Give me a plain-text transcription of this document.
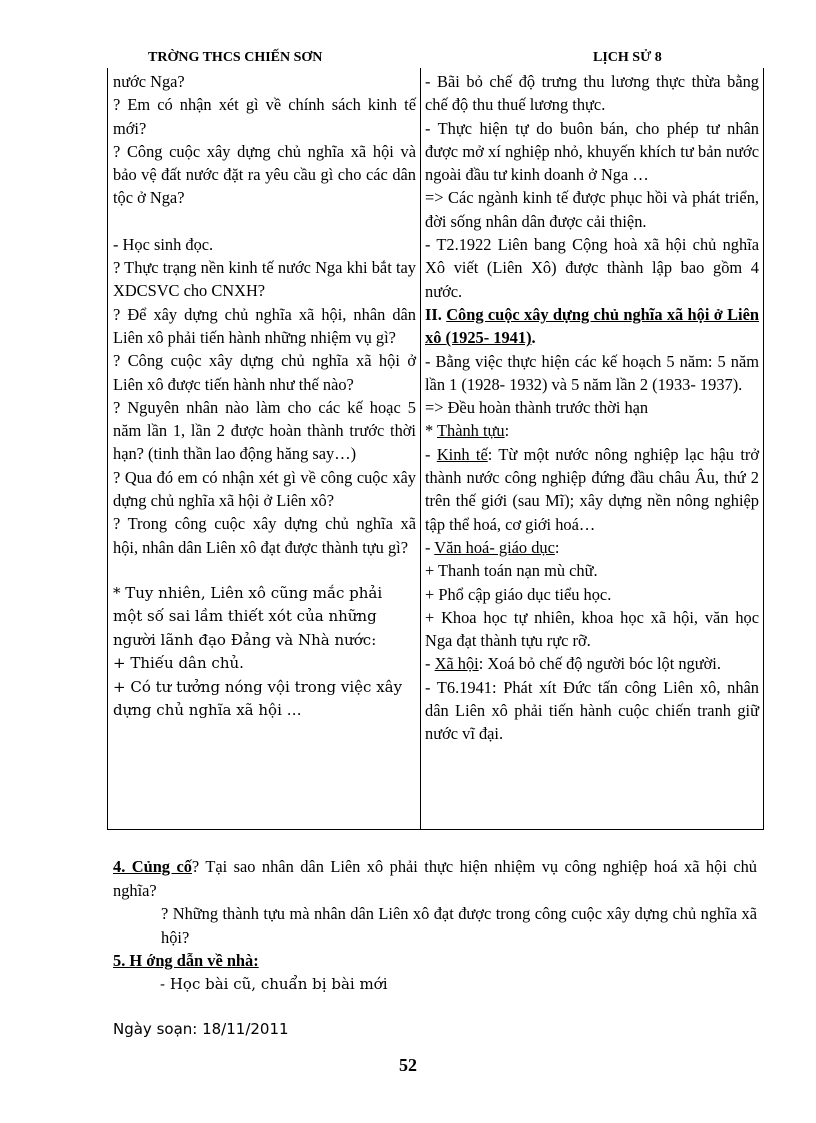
TRỜNG THCS CHIẾN SƠN	LỊCH SỬ 8

nước Nga?

? Em có nhận xét gì về chính sách kinh tế mới?

? Công cuộc xây dựng chủ nghĩa xã hội và bảo vệ đất nước đặt ra yêu cầu gì cho các dân tộc ở Nga?

- Học sinh đọc.

? Thực trạng nền kinh tế nước Nga khi bắt tay XDCSVC cho CNXH?

? Để xây dựng chủ nghĩa xã hội, nhân dân Liên xô phải tiến hành những nhiệm vụ gì?

? Công cuộc xây dựng chủ nghĩa xã hội ở Liên xô được tiến hành như thế nào?

? Nguyên nhân nào làm cho các kế hoạc 5 năm lần 1, lần 2 được hoàn thành trước thời hạn? (tinh thần lao động hăng say…)

? Qua đó em có nhận xét gì về công cuộc xây dựng chủ nghĩa xã hội ở Liên xô?

? Trong công cuộc xây dựng chủ nghĩa xã hội, nhân dân Liên xô đạt được thành tựu gì?

* Tuy nhiên, Liên xô cũng mắc phải một số sai lầm thiết xót của những người lãnh đạo Đảng và Nhà nước:

+ Thiếu dân chủ.

+ Có tư tưởng nóng vội trong việc xây dựng chủ nghĩa xã hội …

- Bãi bỏ chế độ trưng thu lương thực thừa bằng chế độ thu thuế lương thực.

- Thực hiện tự do buôn bán, cho phép tư nhân được mở xí nghiệp nhỏ, khuyến khích tư bản nước ngoài đầu tư kinh doanh ở Nga …

=> Các ngành kinh tế được phục hồi và phát triển, đời sống nhân dân được cải thiện.

- T2.1922 Liên bang Cộng hoà xã hội chủ nghĩa Xô viết (Liên Xô) được thành lập bao gồm 4 nước.

II. Công cuộc xây dựng chủ nghĩa xã hội ở Liên xô (1925- 1941).

- Bằng việc thực hiện các kế hoạch 5 năm: 5 năm lần 1 (1928- 1932) và 5 năm lần 2 (1933- 1937).

=> Đều hoàn thành trước thời hạn

* Thành tựu:

- Kinh tế: Từ một nước nông nghiệp lạc hậu trở thành nước công nghiệp đứng đầu châu Âu, thứ 2 trên thế giới (sau Mĩ); xây dựng nền nông nghiệp tập thể hoá, cơ giới hoá…

- Văn hoá- giáo dục:

+ Thanh toán nạn mù chữ.

+ Phổ cập giáo dục tiểu học.

+ Khoa học tự nhiên, khoa học xã hội, văn học Nga đạt thành tựu rực rỡ.

- Xã hội: Xoá bỏ chế độ người bóc lột người.

- T6.1941: Phát xít Đức tấn công Liên xô, nhân dân Liên xô phải tiến hành cuộc chiến tranh giữ nước vĩ đại.

4. Củng cố? Tại sao nhân dân Liên xô phải thực hiện nhiệm vụ công nghiệp hoá xã hội chủ nghĩa?

? Những thành tựu mà nhân dân Liên xô đạt được trong công cuộc xây dựng chủ nghĩa xã hội?

5. H ớng dẫn về nhà:

- Học bài cũ, chuẩn bị bài mới
Ngày soạn: 18/11/2011
52
